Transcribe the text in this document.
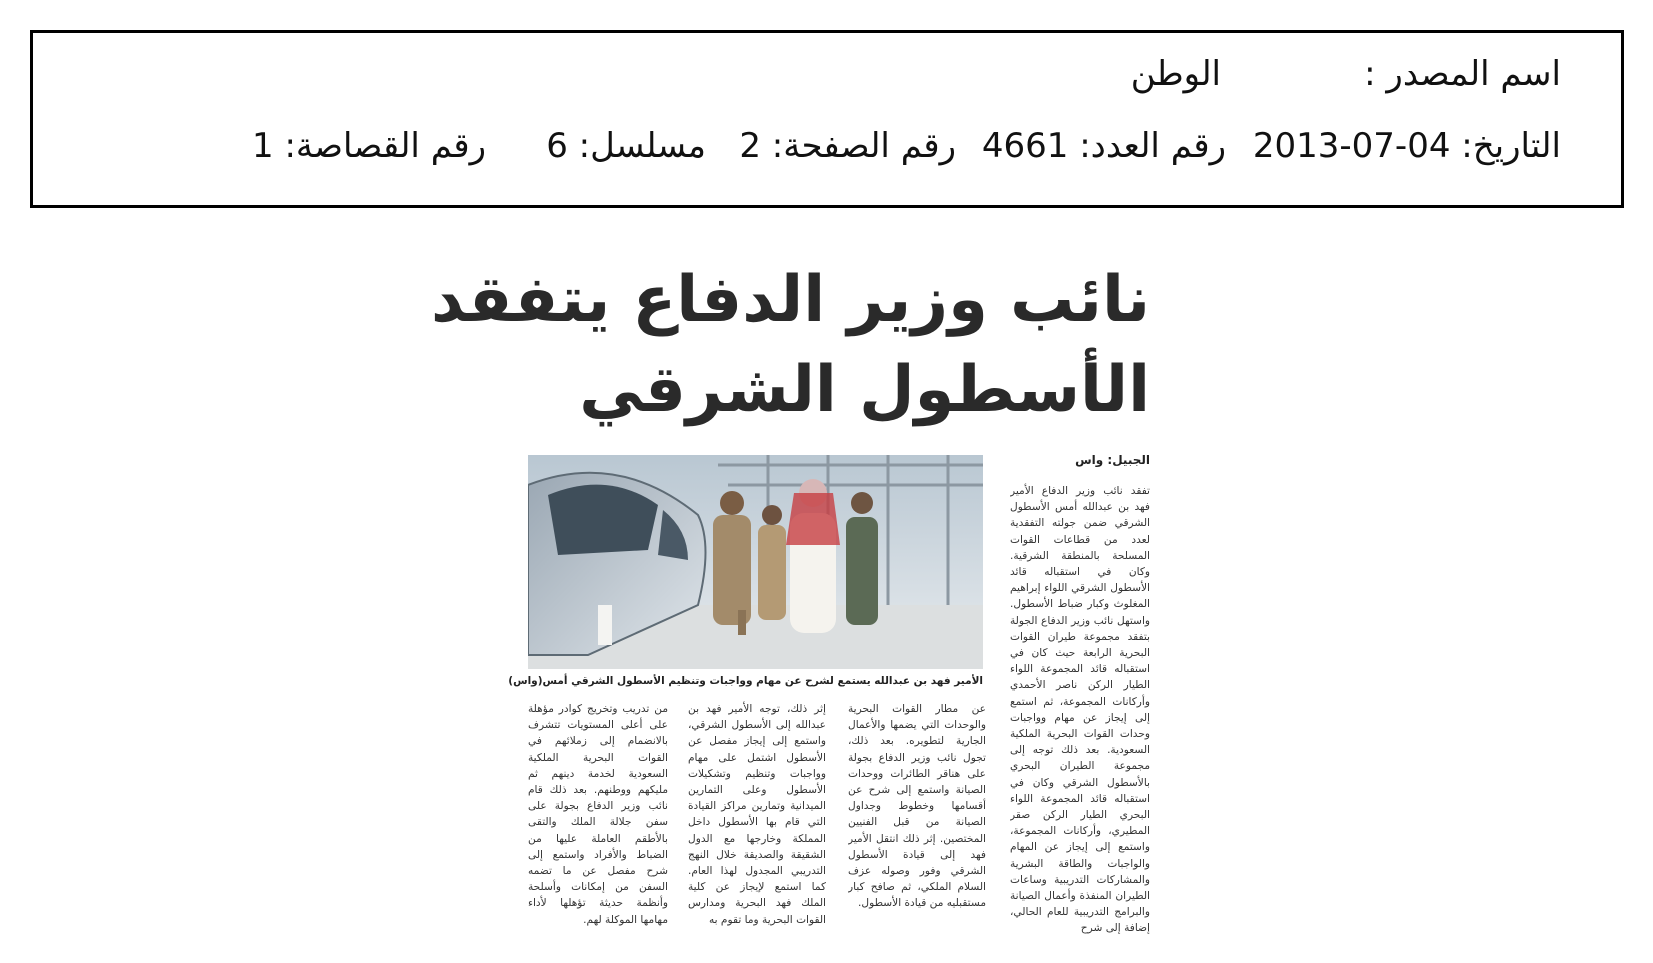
اسم المصدر :
الوطن
التاريخ: 04-07-2013
رقم العدد: 4661
رقم الصفحة: 2
مسلسل: 6
رقم القصاصة: 1
نائب وزير الدفاع يتفقد
الأسطول الشرقي
الجبيل: واس
الأمير فهد بن عبدالله يستمع لشرح عن مهام وواجبات وتنظيم الأسطول الشرقي أمس
(واس)

تفقد نائب وزير الدفاع الأمير فهد بن عبدالله أمس الأسطول الشرقي ضمن جولته التفقدية لعدد من قطاعات القوات المسلحة بالمنطقة الشرقية. وكان في استقباله قائد الأسطول الشرقي اللواء إبراهيم المغلوث وكبار ضباط الأسطول. واستهل نائب وزير الدفاع الجولة بتفقد مجموعة طيران القوات البحرية الرابعة حيث كان في استقباله قائد المجموعة اللواء الطيار الركن ناصر الأحمدي وأركانات المجموعة، ثم استمع إلى إيجاز عن مهام وواجبات وحدات القوات البحرية الملكية السعودية. بعد ذلك توجه إلى مجموعة الطيران البحري بالأسطول الشرقي وكان في استقباله قائد المجموعة اللواء البحري الطيار الركن صقر المطيري، وأركانات المجموعة، واستمع إلى إيجاز عن المهام والواجبات والطاقة البشرية والمشاركات التدريبية وساعات الطيران المنفذة وأعمال الصيانة والبرامج التدريبية للعام الحالي، إضافة إلى شرح

عن مطار القوات البحرية والوحدات التي يضمها والأعمال الجارية لتطويره. بعد ذلك، تجول نائب وزير الدفاع بجولة على هناقر الطائرات ووحدات الصيانة واستمع إلى شرح عن أقسامها وخطوط وجداول الصيانة من قبل الفنيين المختصين. إثر ذلك انتقل الأمير فهد إلى قيادة الأسطول الشرقي وفور وصوله عزف السلام الملكي، ثم صافح كبار مستقبليه من قيادة الأسطول.

إثر ذلك، توجه الأمير فهد بن عبدالله إلى الأسطول الشرقي، واستمع إلى إيجاز مفصل عن الأسطول اشتمل على مهام وواجبات وتنظيم وتشكيلات الأسطول وعلى التمارين الميدانية وتمارين مراكز القيادة التي قام بها الأسطول داخل المملكة وخارجها مع الدول الشقيقة والصديقة خلال النهج التدريبي المجدول لهذا العام. كما استمع لإيجاز عن كلية الملك فهد البحرية ومدارس القوات البحرية وما تقوم به

من تدريب وتخريج كوادر مؤهلة على أعلى المستويات تتشرف بالانضمام إلى زملائهم في القوات البحرية الملكية السعودية لخدمة دينهم ثم مليكهم ووطنهم. بعد ذلك قام نائب وزير الدفاع بجولة على سفن جلالة الملك والتقى بالأطقم العاملة عليها من الضباط والأفراد واستمع إلى شرح مفصل عن ما تضمه السفن من إمكانات وأسلحة وأنظمة حديثة تؤهلها لأداء مهامها الموكلة لهم.
